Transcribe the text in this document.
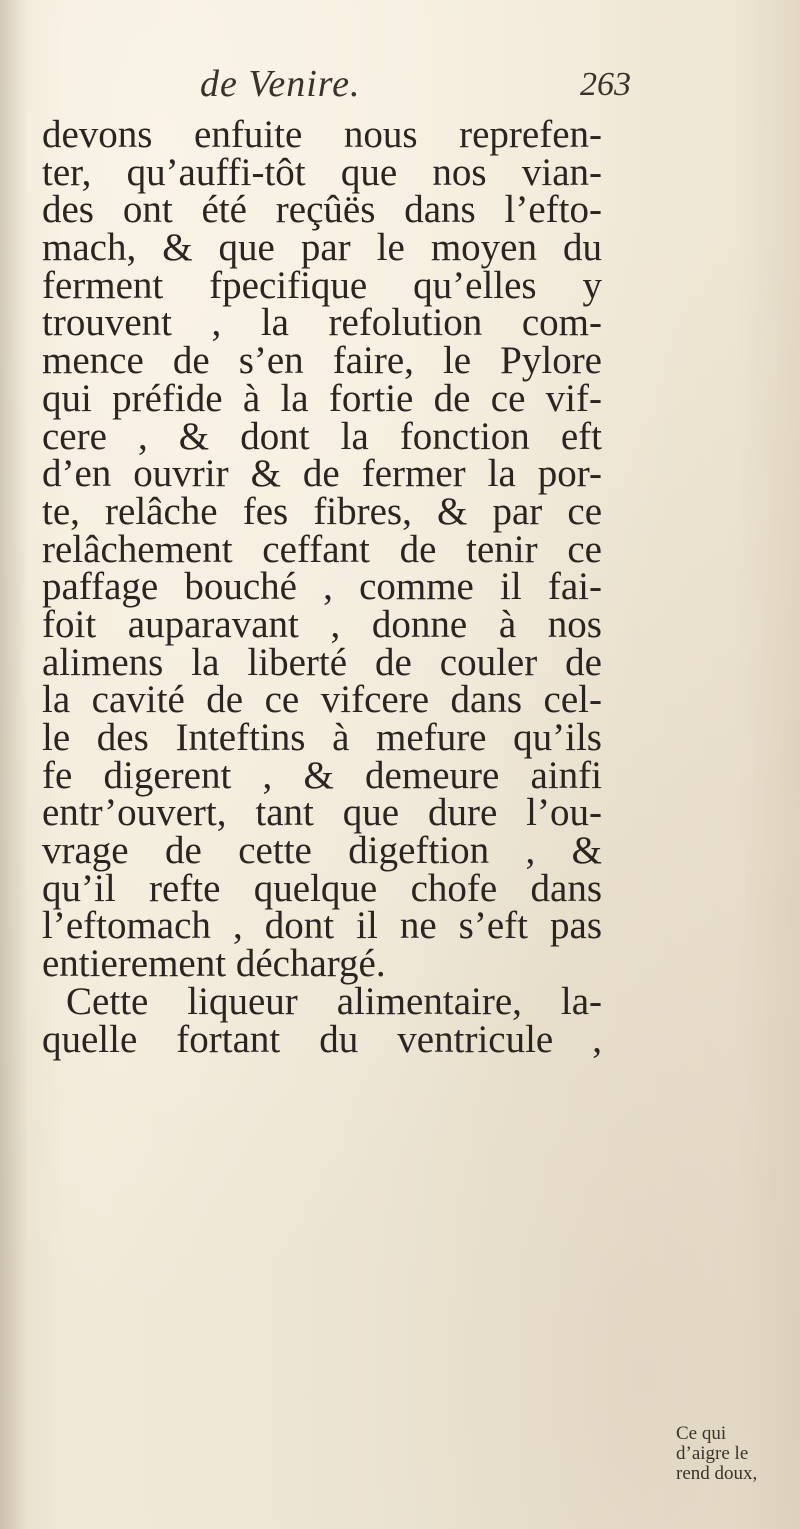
de Venire.	263
devons enfuite nous reprefen-
ter, qu’auffi-tôt que nos vian-
des ont été reçûës dans l’efto-
mach, & que par le moyen du
ferment fpecifique qu’elles y
trouvent , la refolution com-
mence de s’en faire, le Pylore
qui préfide à la fortie de ce vif-
cere , & dont la fonction eft
d’en ouvrir & de fermer la por-
te, relâche fes fibres, & par ce
relâchement ceffant de tenir ce
paffage bouché , comme il fai-
foit auparavant , donne à nos
alimens la liberté de couler de
la cavité de ce vifcere dans cel-
le des Inteftins à mefure qu’ils
fe digerent , & demeure ainfi
entr’ouvert, tant que dure l’ou-
vrage de cette digeftion , &
qu’il refte quelque chofe dans
l’eftomach , dont il ne s’eft pas
entierement déchargé.
Cette liqueur alimentaire, la-
quelle fortant du ventricule ,
Ce qui
d’aigre le
rend doux,
